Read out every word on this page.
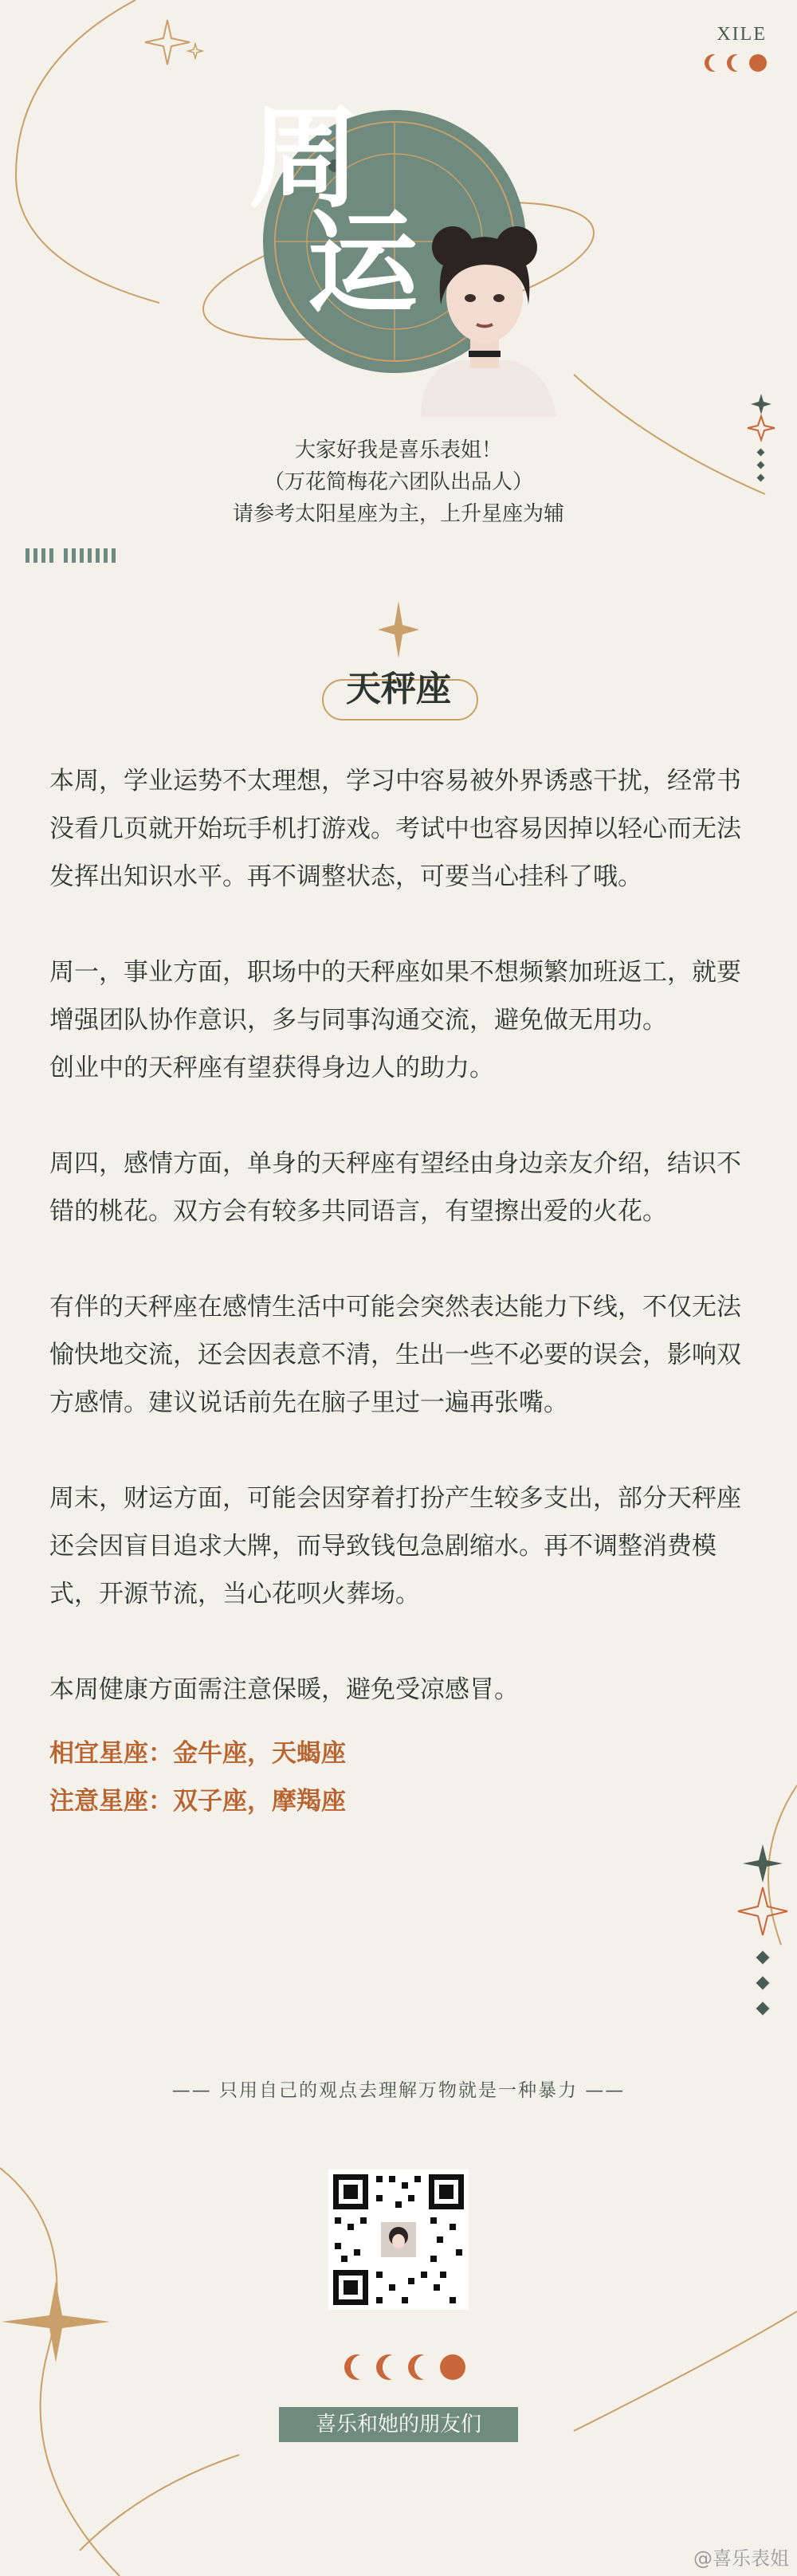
XILE
周
运
大家好我是喜乐表姐！
（万花简梅花六团队出品人）
请参考太阳星座为主，上升星座为辅
天秤座

本周，学业运势不太理想，学习中容易被外界诱惑干扰，经常书没看几页就开始玩手机打游戏。考试中也容易因掉以轻心而无法发挥出知识水平。再不调整状态，可要当心挂科了哦。

周一，事业方面，职场中的天秤座如果不想频繁加班返工，就要增强团队协作意识，多与同事沟通交流，避免做无用功。

创业中的天秤座有望获得身边人的助力。

周四，感情方面，单身的天秤座有望经由身边亲友介绍，结识不错的桃花。双方会有较多共同语言，有望擦出爱的火花。

有伴的天秤座在感情生活中可能会突然表达能力下线，不仅无法愉快地交流，还会因表意不清，生出一些不必要的误会，影响双方感情。建议说话前先在脑子里过一遍再张嘴。

周末，财运方面，可能会因穿着打扮产生较多支出，部分天秤座还会因盲目追求大牌，而导致钱包急剧缩水。再不调整消费模式，开源节流，当心花呗火葬场。

本周健康方面需注意保暖，避免受凉感冒。

相宜星座：金牛座，天蝎座
注意星座：双子座，摩羯座
—— 只用自己的观点去理解万物就是一种暴力 ——
喜乐和她的朋友们
@喜乐表姐
